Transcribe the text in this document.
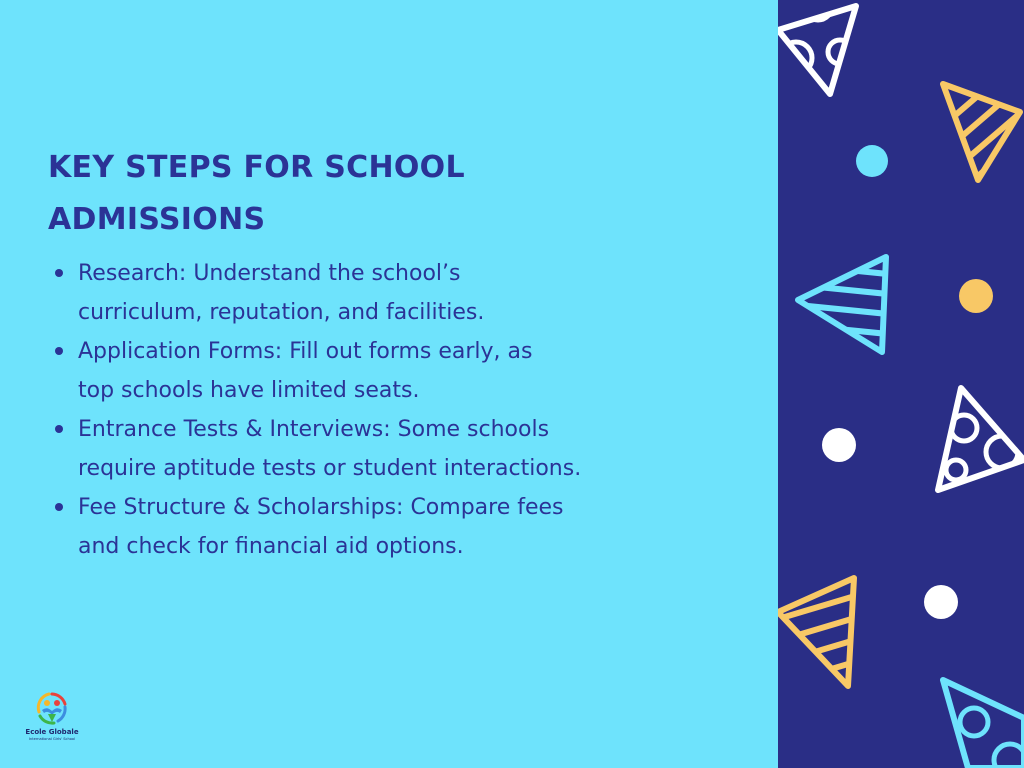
KEY STEPS FOR SCHOOL
ADMISSIONS
Research: Understand the school’s
curriculum, reputation, and facilities.
Application Forms: Fill out forms early, as
top schools have limited seats.
Entrance Tests & Interviews: Some schools
require aptitude tests or student interactions.
Fee Structure & Scholarships: Compare fees
and check for financial aid options.
Ecole Globale
International Girls' School
